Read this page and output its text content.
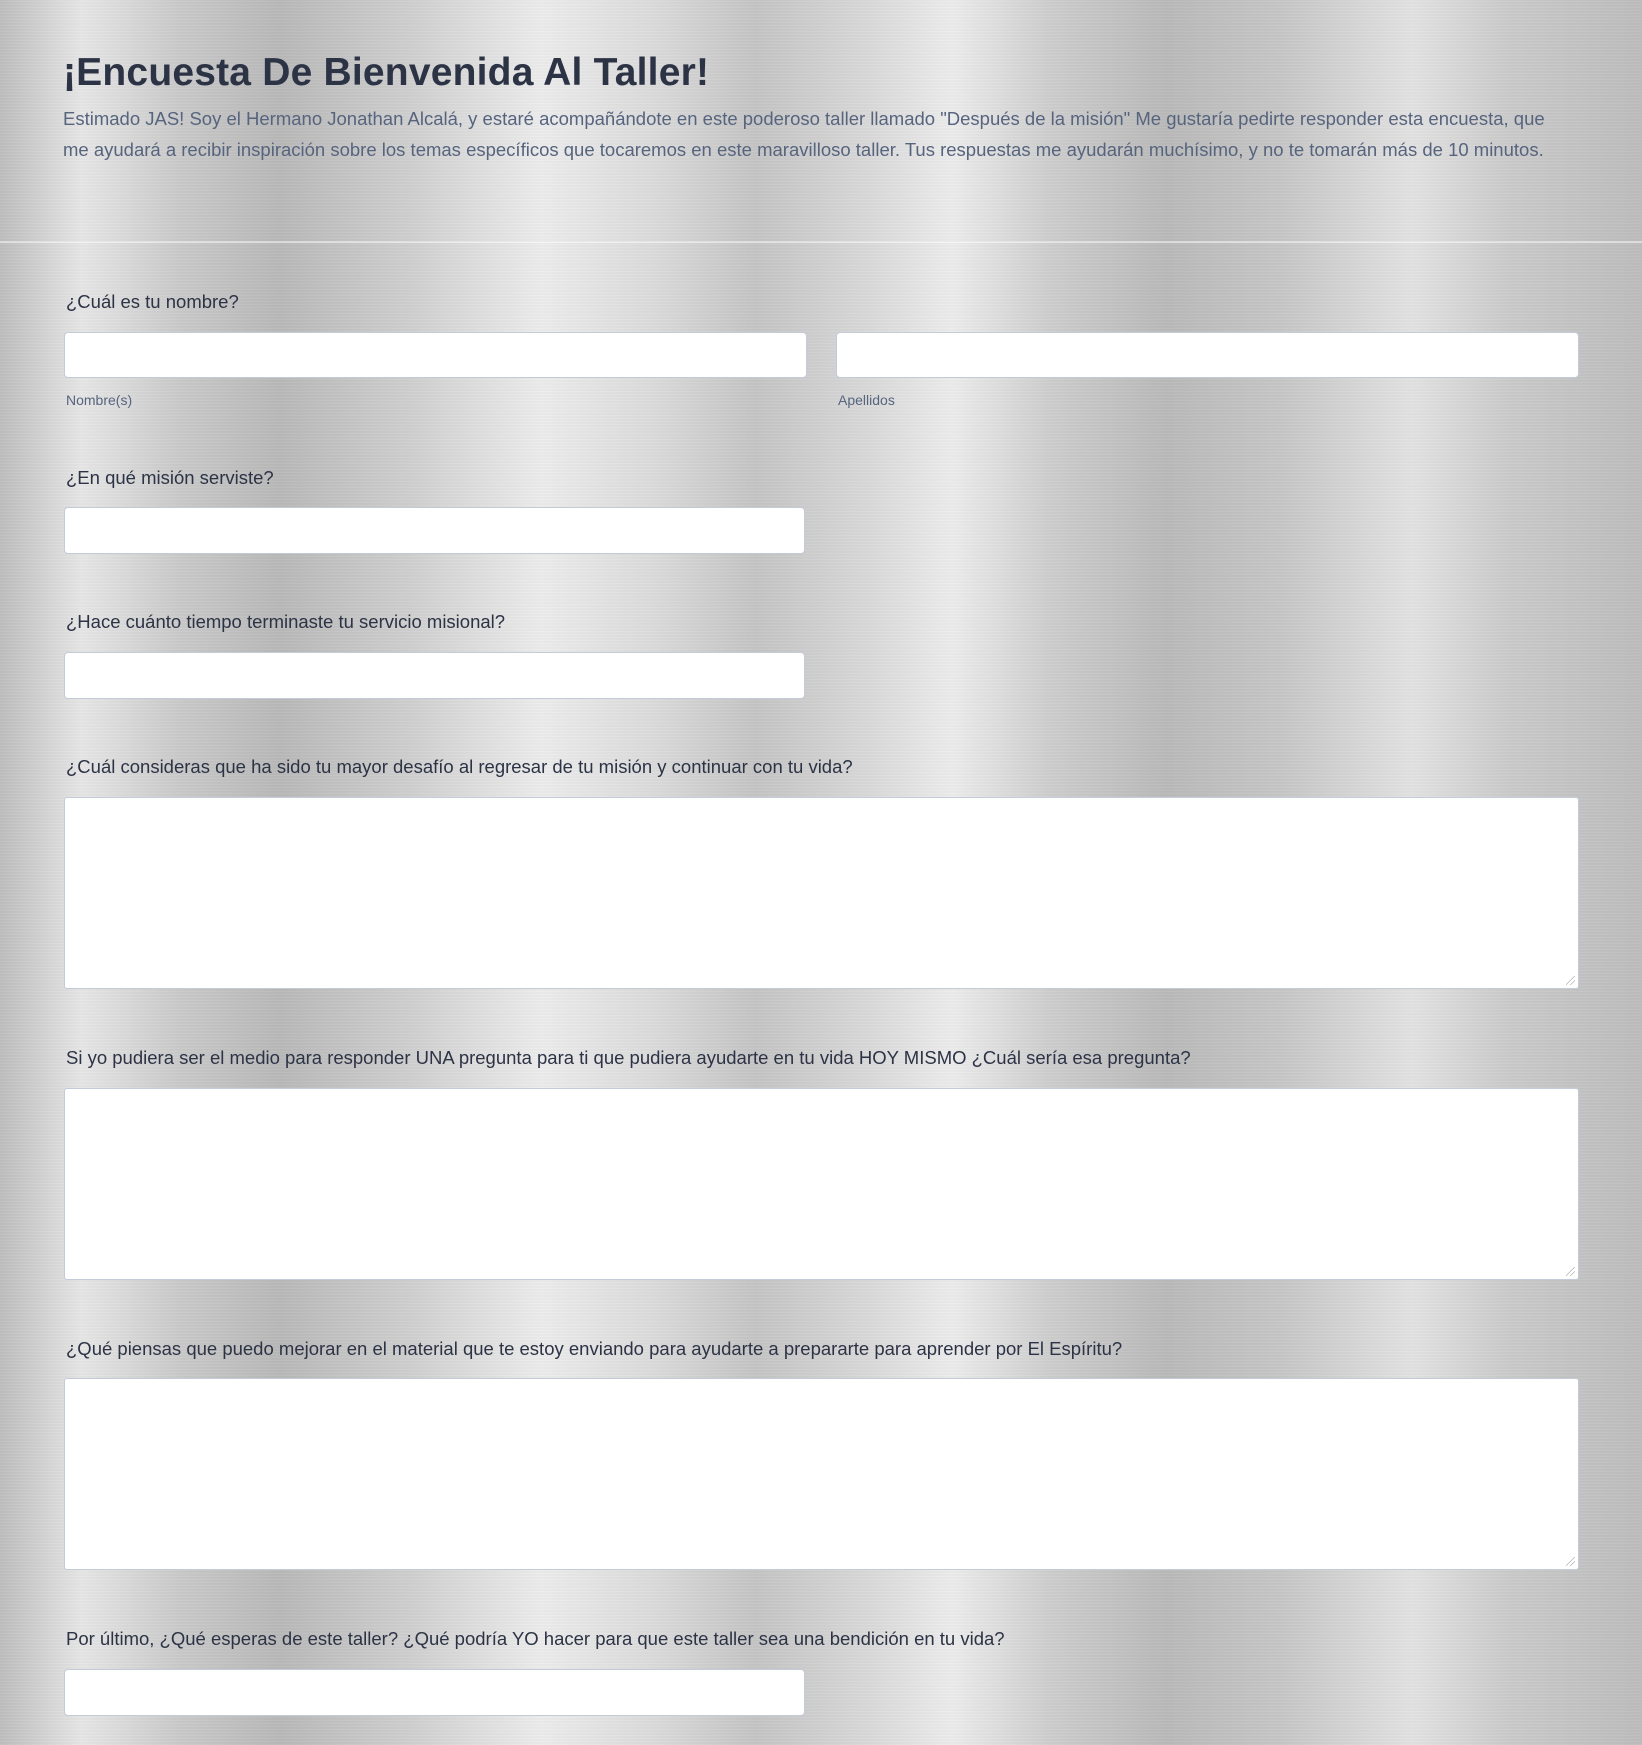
¡Encuesta De Bienvenida Al Taller!

Estimado JAS! Soy el Hermano Jonathan Alcalá, y estaré acompañándote en este poderoso taller llamado "Después de la misión" Me gustaría pedirte responder esta encuesta, que me ayudará a recibir inspiración sobre los temas específicos que tocaremos en este maravilloso taller. Tus respuestas me ayudarán muchísimo, y no te tomarán más de 10 minutos.

¿Cuál es tu nombre?
Nombre(s)	Apellidos
¿En qué misión serviste?
¿Hace cuánto tiempo terminaste tu servicio misional?
¿Cuál consideras que ha sido tu mayor desafío al regresar de tu misión y continuar con tu vida?
Si yo pudiera ser el medio para responder UNA pregunta para ti que pudiera ayudarte en tu vida HOY MISMO ¿Cuál sería esa pregunta?
¿Qué piensas que puedo mejorar en el material que te estoy enviando para ayudarte a prepararte para aprender por El Espíritu?
Por último, ¿Qué esperas de este taller? ¿Qué podría YO hacer para que este taller sea una bendición en tu vida?
